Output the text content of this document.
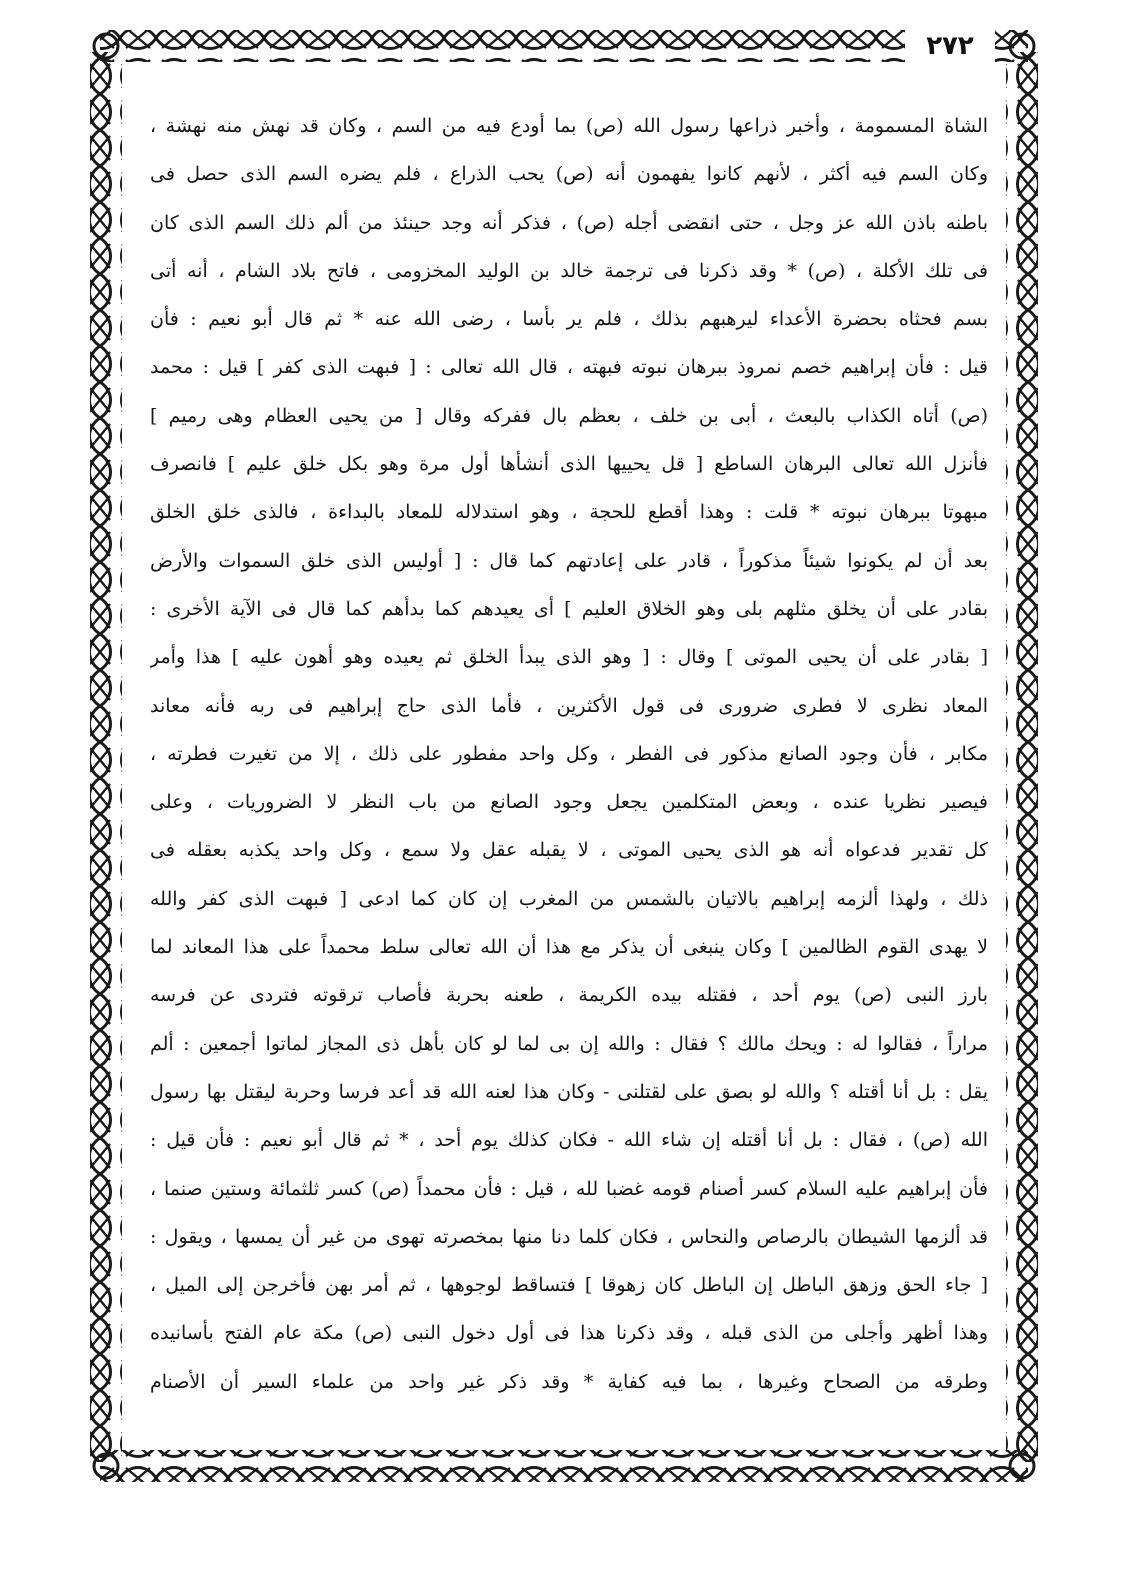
٢٧٢
الشاة المسمومة ، وأخبر ذراعها رسول الله (ص) بما أودع فيه من السم ، وكان قد نهش منه نهشة ،
وكان السم فيه أكثر ، لأنهم كانوا يفهمون أنه (ص) يحب الذراع ، فلم يضره السم الذى حصل فى
باطنه باذن الله عز وجل ، حتى انقضى أجله (ص) ، فذكر أنه وجد حينئذ من ألم ذلك السم الذى كان
فى تلك الأكلة ، (ص) * وقد ذكرنا فى ترجمة خالد بن الوليد المخزومى ، فاتح بلاد الشام ، أنه أتى
بسم فحثاه بحضرة الأعداء ليرهبهم بذلك ، فلم ير بأسا ، رضى الله عنه * ثم قال أبو نعيم : فأن
قيل : فأن إبراهيم خصم نمروذ ببرهان نبوته فبهته ، قال الله تعالى : [ فبهت الذى كفر ] قيل : محمد
(ص) أتاه الكذاب بالبعث ، أبى بن خلف ، بعظم بال ففركه وقال [ من يحيى العظام وهى رميم ]
فأنزل الله تعالى البرهان الساطع [ قل يحييها الذى أنشأها أول مرة وهو بكل خلق عليم ] فانصرف
مبهوتا ببرهان نبوته * قلت : وهذا أقطع للحجة ، وهو استدلاله للمعاد بالبداءة ، فالذى خلق الخلق
بعد أن لم يكونوا شيئاً مذكوراً ، قادر على إعادتهم كما قال : [ أوليس الذى خلق السموات والأرض
بقادر على أن يخلق مثلهم بلى وهو الخلاق العليم ] أى يعيدهم كما بدأهم كما قال فى الآية الأخرى :
[ بقادر على أن يحيى الموتى ] وقال : [ وهو الذى يبدأ الخلق ثم يعيده وهو أهون عليه ] هذا وأمر
المعاد نظرى لا فطرى ضرورى فى قول الأكثرين ، فأما الذى حاج إبراهيم فى ربه فأنه معاند
مكابر ، فأن وجود الصانع مذكور فى الفطر ، وكل واحد مفطور على ذلك ، إلا من تغيرت فطرته ،
فيصير نظريا عنده ، وبعض المتكلمين يجعل وجود الصانع من باب النظر لا الضروريات ، وعلى
كل تقدير فدعواه أنه هو الذى يحيى الموتى ، لا يقبله عقل ولا سمع ، وكل واحد يكذبه بعقله فى
ذلك ، ولهذا ألزمه إبراهيم بالاتيان بالشمس من المغرب إن كان كما ادعى [ فبهت الذى كفر والله
لا يهدى القوم الظالمين ] وكان ينبغى أن يذكر مع هذا أن الله تعالى سلط محمداً على هذا المعاند لما
بارز النبى (ص) يوم أحد ، فقتله بيده الكريمة ، طعنه بحربة فأصاب ترقوته فتردى عن فرسه
مراراً ، فقالوا له : ويحك مالك ؟ فقال : والله إن بى لما لو كان بأهل ذى المجاز لماتوا أجمعين : ألم
يقل : بل أنا أقتله ؟ والله لو بصق على لقتلنى - وكان هذا لعنه الله قد أعد فرسا وحربة ليقتل بها رسول
الله (ص) ، فقال : بل أنا أقتله إن شاء الله - فكان كذلك يوم أحد ، * ثم قال أبو نعيم : فأن قيل :
فأن إبراهيم عليه السلام كسر أصنام قومه غضبا لله ، قيل : فأن محمداً (ص) كسر ثلثمائة وستين صنما ،
قد ألزمها الشيطان بالرصاص والنحاس ، فكان كلما دنا منها بمخصرته تهوى من غير أن يمسها ، ويقول :
[ جاء الحق وزهق الباطل إن الباطل كان زهوقا ] فتساقط لوجوهها ، ثم أمر بهن فأخرجن إلى الميل ،
وهذا أظهر وأجلى من الذى قبله ، وقد ذكرنا هذا فى أول دخول النبى (ص) مكة عام الفتح بأسانيده
وطرقه من الصحاح وغيرها ، بما فيه كفاية * وقد ذكر غير واحد من علماء السير أن الأصنام
